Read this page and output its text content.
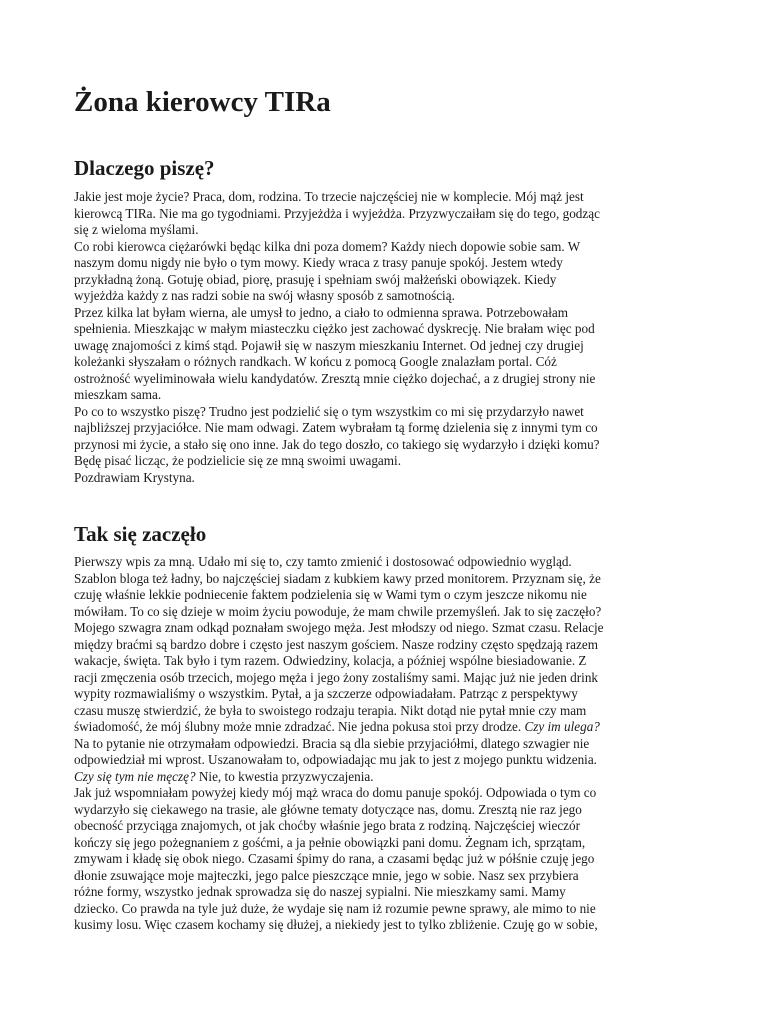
Żona kierowcy TIRa
Dlaczego piszę?
Jakie jest moje życie? Praca, dom, rodzina. To trzecie najczęściej nie w komplecie. Mój mąż jest
kierowcą TIRa. Nie ma go tygodniami. Przyjeżdża i wyjeżdża. Przyzwyczaiłam się do tego, godząc
się z wieloma myślami.
Co robi kierowca ciężarówki będąc kilka dni poza domem? Każdy niech dopowie sobie sam. W
naszym domu nigdy nie było o tym mowy. Kiedy wraca z trasy panuje spokój. Jestem wtedy
przykładną żoną. Gotuję obiad, piorę, prasuję i spełniam swój małżeński obowiązek. Kiedy
wyjeżdża każdy z nas radzi sobie na swój własny sposób z samotnością.
Przez kilka lat byłam wierna, ale umysł to jedno, a ciało to odmienna sprawa. Potrzebowałam
spełnienia. Mieszkając w małym miasteczku ciężko jest zachować dyskrecję. Nie brałam więc pod
uwagę znajomości z kimś stąd. Pojawił się w naszym mieszkaniu Internet. Od jednej czy drugiej
koleżanki słyszałam o różnych randkach. W końcu z pomocą Google znalazłam portal. Cóż
ostrożność wyeliminowała wielu kandydatów. Zresztą mnie ciężko dojechać, a z drugiej strony nie
mieszkam sama.
Po co to wszystko piszę? Trudno jest podzielić się o tym wszystkim co mi się przydarzyło nawet
najbliższej przyjaciółce. Nie mam odwagi. Zatem wybrałam tą formę dzielenia się z innymi tym co
przynosi mi życie, a stało się ono inne. Jak do tego doszło, co takiego się wydarzyło i dzięki komu?
Będę pisać licząc, że podzielicie się ze mną swoimi uwagami.
Pozdrawiam Krystyna.
Tak się zaczęło
Pierwszy wpis za mną. Udało mi się to, czy tamto zmienić i dostosować odpowiednio wygląd.
Szablon bloga też ładny, bo najczęściej siadam z kubkiem kawy przed monitorem. Przyznam się, że
czuję właśnie lekkie podniecenie faktem podzielenia się w Wami tym o czym jeszcze nikomu nie
mówiłam. To co się dzieje w moim życiu powoduje, że mam chwile przemyśleń. Jak to się zaczęło?
Mojego szwagra znam odkąd poznałam swojego męża. Jest młodszy od niego. Szmat czasu. Relacje
między braćmi są bardzo dobre i często jest naszym gościem. Nasze rodziny często spędzają razem
wakacje, święta. Tak było i tym razem. Odwiedziny, kolacja, a później wspólne biesiadowanie. Z
racji zmęczenia osób trzecich, mojego męża i jego żony zostaliśmy sami. Mając już nie jeden drink
wypity rozmawialiśmy o wszystkim. Pytał, a ja szczerze odpowiadałam. Patrząc z perspektywy
czasu muszę stwierdzić, że była to swoistego rodzaju terapia. Nikt dotąd nie pytał mnie czy mam
świadomość, że mój ślubny może mnie zdradzać. Nie jedna pokusa stoi przy drodze. Czy im ulega?
Na to pytanie nie otrzymałam odpowiedzi. Bracia są dla siebie przyjaciółmi, dlatego szwagier nie
odpowiedział mi wprost. Uszanowałam to, odpowiadając mu jak to jest z mojego punktu widzenia.
Czy się tym nie męczę? Nie, to kwestia przyzwyczajenia.
Jak już wspomniałam powyżej kiedy mój mąż wraca do domu panuje spokój. Odpowiada o tym co
wydarzyło się ciekawego na trasie, ale główne tematy dotyczące nas, domu. Zresztą nie raz jego
obecność przyciąga znajomych, ot jak choćby właśnie jego brata z rodziną. Najczęściej wieczór
kończy się jego pożegnaniem z gośćmi, a ja pełnie obowiązki pani domu. Żegnam ich, sprzątam,
zmywam i kładę się obok niego. Czasami śpimy do rana, a czasami będąc już w półśnie czuję jego
dłonie zsuwające moje majteczki, jego palce pieszczące mnie, jego w sobie. Nasz sex przybiera
różne formy, wszystko jednak sprowadza się do naszej sypialni. Nie mieszkamy sami. Mamy
dziecko. Co prawda na tyle już duże, że wydaje się nam iż rozumie pewne sprawy, ale mimo to nie
kusimy losu. Więc czasem kochamy się dłużej, a niekiedy jest to tylko zbliżenie. Czuję go w sobie,
